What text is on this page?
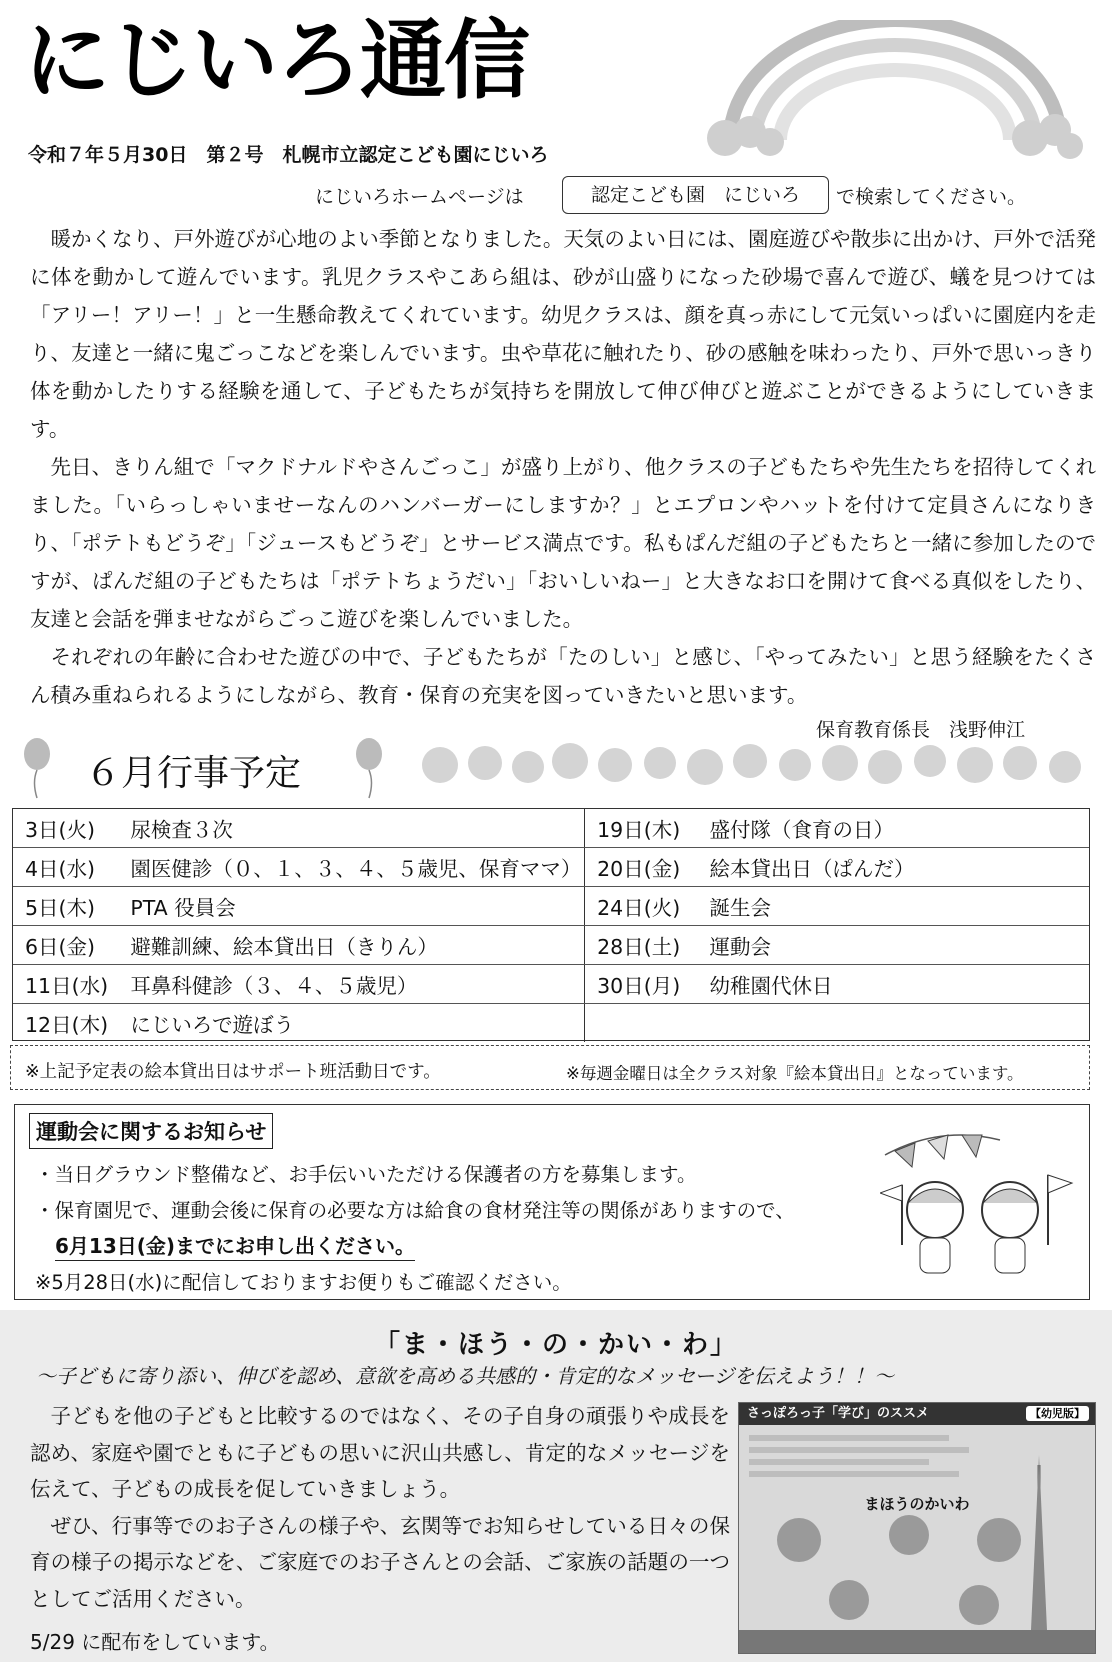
にじいろ通信
令和７年５月30日　第２号　札幌市立認定こども園にじいろ
にじいろホームページは	認定こども園　にじいろ	で検索してください。

暖かくなり、戸外遊びが心地のよい季節となりました。天気のよい日には、園庭遊びや散歩に出かけ、戸外で活発に体を動かして遊んでいます。乳児クラスやこあら組は、砂が山盛りになった砂場で喜んで遊び、蟻を見つけては「アリー！アリー！」と一生懸命教えてくれています。幼児クラスは、顔を真っ赤にして元気いっぱいに園庭内を走り、友達と一緒に鬼ごっこなどを楽しんでいます。虫や草花に触れたり、砂の感触を味わったり、戸外で思いっきり体を動かしたりする経験を通して、子どもたちが気持ちを開放して伸び伸びと遊ぶことができるようにしていきます。

先日、きりん組で「マクドナルドやさんごっこ」が盛り上がり、他クラスの子どもたちや先生たちを招待してくれました。「いらっしゃいませーなんのハンバーガーにしますか？」とエプロンやハットを付けて定員さんになりきり、「ポテトもどうぞ」「ジュースもどうぞ」とサービス満点です。私もぱんだ組の子どもたちと一緒に参加したのですが、ぱんだ組の子どもたちは「ポテトちょうだい」「おいしいねー」と大きなお口を開けて食べる真似をしたり、友達と会話を弾ませながらごっこ遊びを楽しんでいました。

それぞれの年齢に合わせた遊びの中で、子どもたちが「たのしい」と感じ、「やってみたい」と思う経験をたくさん積み重ねられるようにしながら、教育・保育の充実を図っていきたいと思います。

保育教育係長　浅野伸江
６月行事予定
3日(火)	尿検査３次	19日(木)	盛付隊（食育の日）
4日(水)	園医健診（０、１、３、４、５歳児、保育ママ）	20日(金)	絵本貸出日（ぱんだ）
5日(木)	PTA 役員会	24日(火)	誕生会
6日(金)	避難訓練、絵本貸出日（きりん）	28日(土)	運動会
11日(水)	耳鼻科健診（３、４、５歳児）	30日(月)	幼稚園代休日
12日(木)	にじいろで遊ぼう		
※上記予定表の絵本貸出日はサポート班活動日です。	※毎週金曜日は全クラス対象『絵本貸出日』となっています。
運動会に関するお知らせ
・当日グラウンド整備など、お手伝いいただける保護者の方を募集します。
・保育園児で、運動会後に保育の必要な方は給食の食材発注等の関係がありますので、
6月13日(金)までにお申し出ください。
※5月28日(水)に配信しておりますお便りもご確認ください。
「ま・ほう・の・かい・わ」
～子どもに寄り添い、伸びを認め、意欲を高める共感的・肯定的なメッセージを伝えよう！！～

子どもを他の子どもと比較するのではなく、その子自身の頑張りや成長を認め、家庭や園でともに子どもの思いに沢山共感し、肯定的なメッセージを伝えて、子どもの成長を促していきましょう。

ぜひ、行事等でのお子さんの様子や、玄関等でお知らせしている日々の保育の様子の掲示などを、ご家庭でのお子さんとの会話、ご家族の話題の一つとしてご活用ください。

5/29 に配布をしています。
さっぽろっ子「学び」のススメ	【幼児版】
まほうのかいわ
